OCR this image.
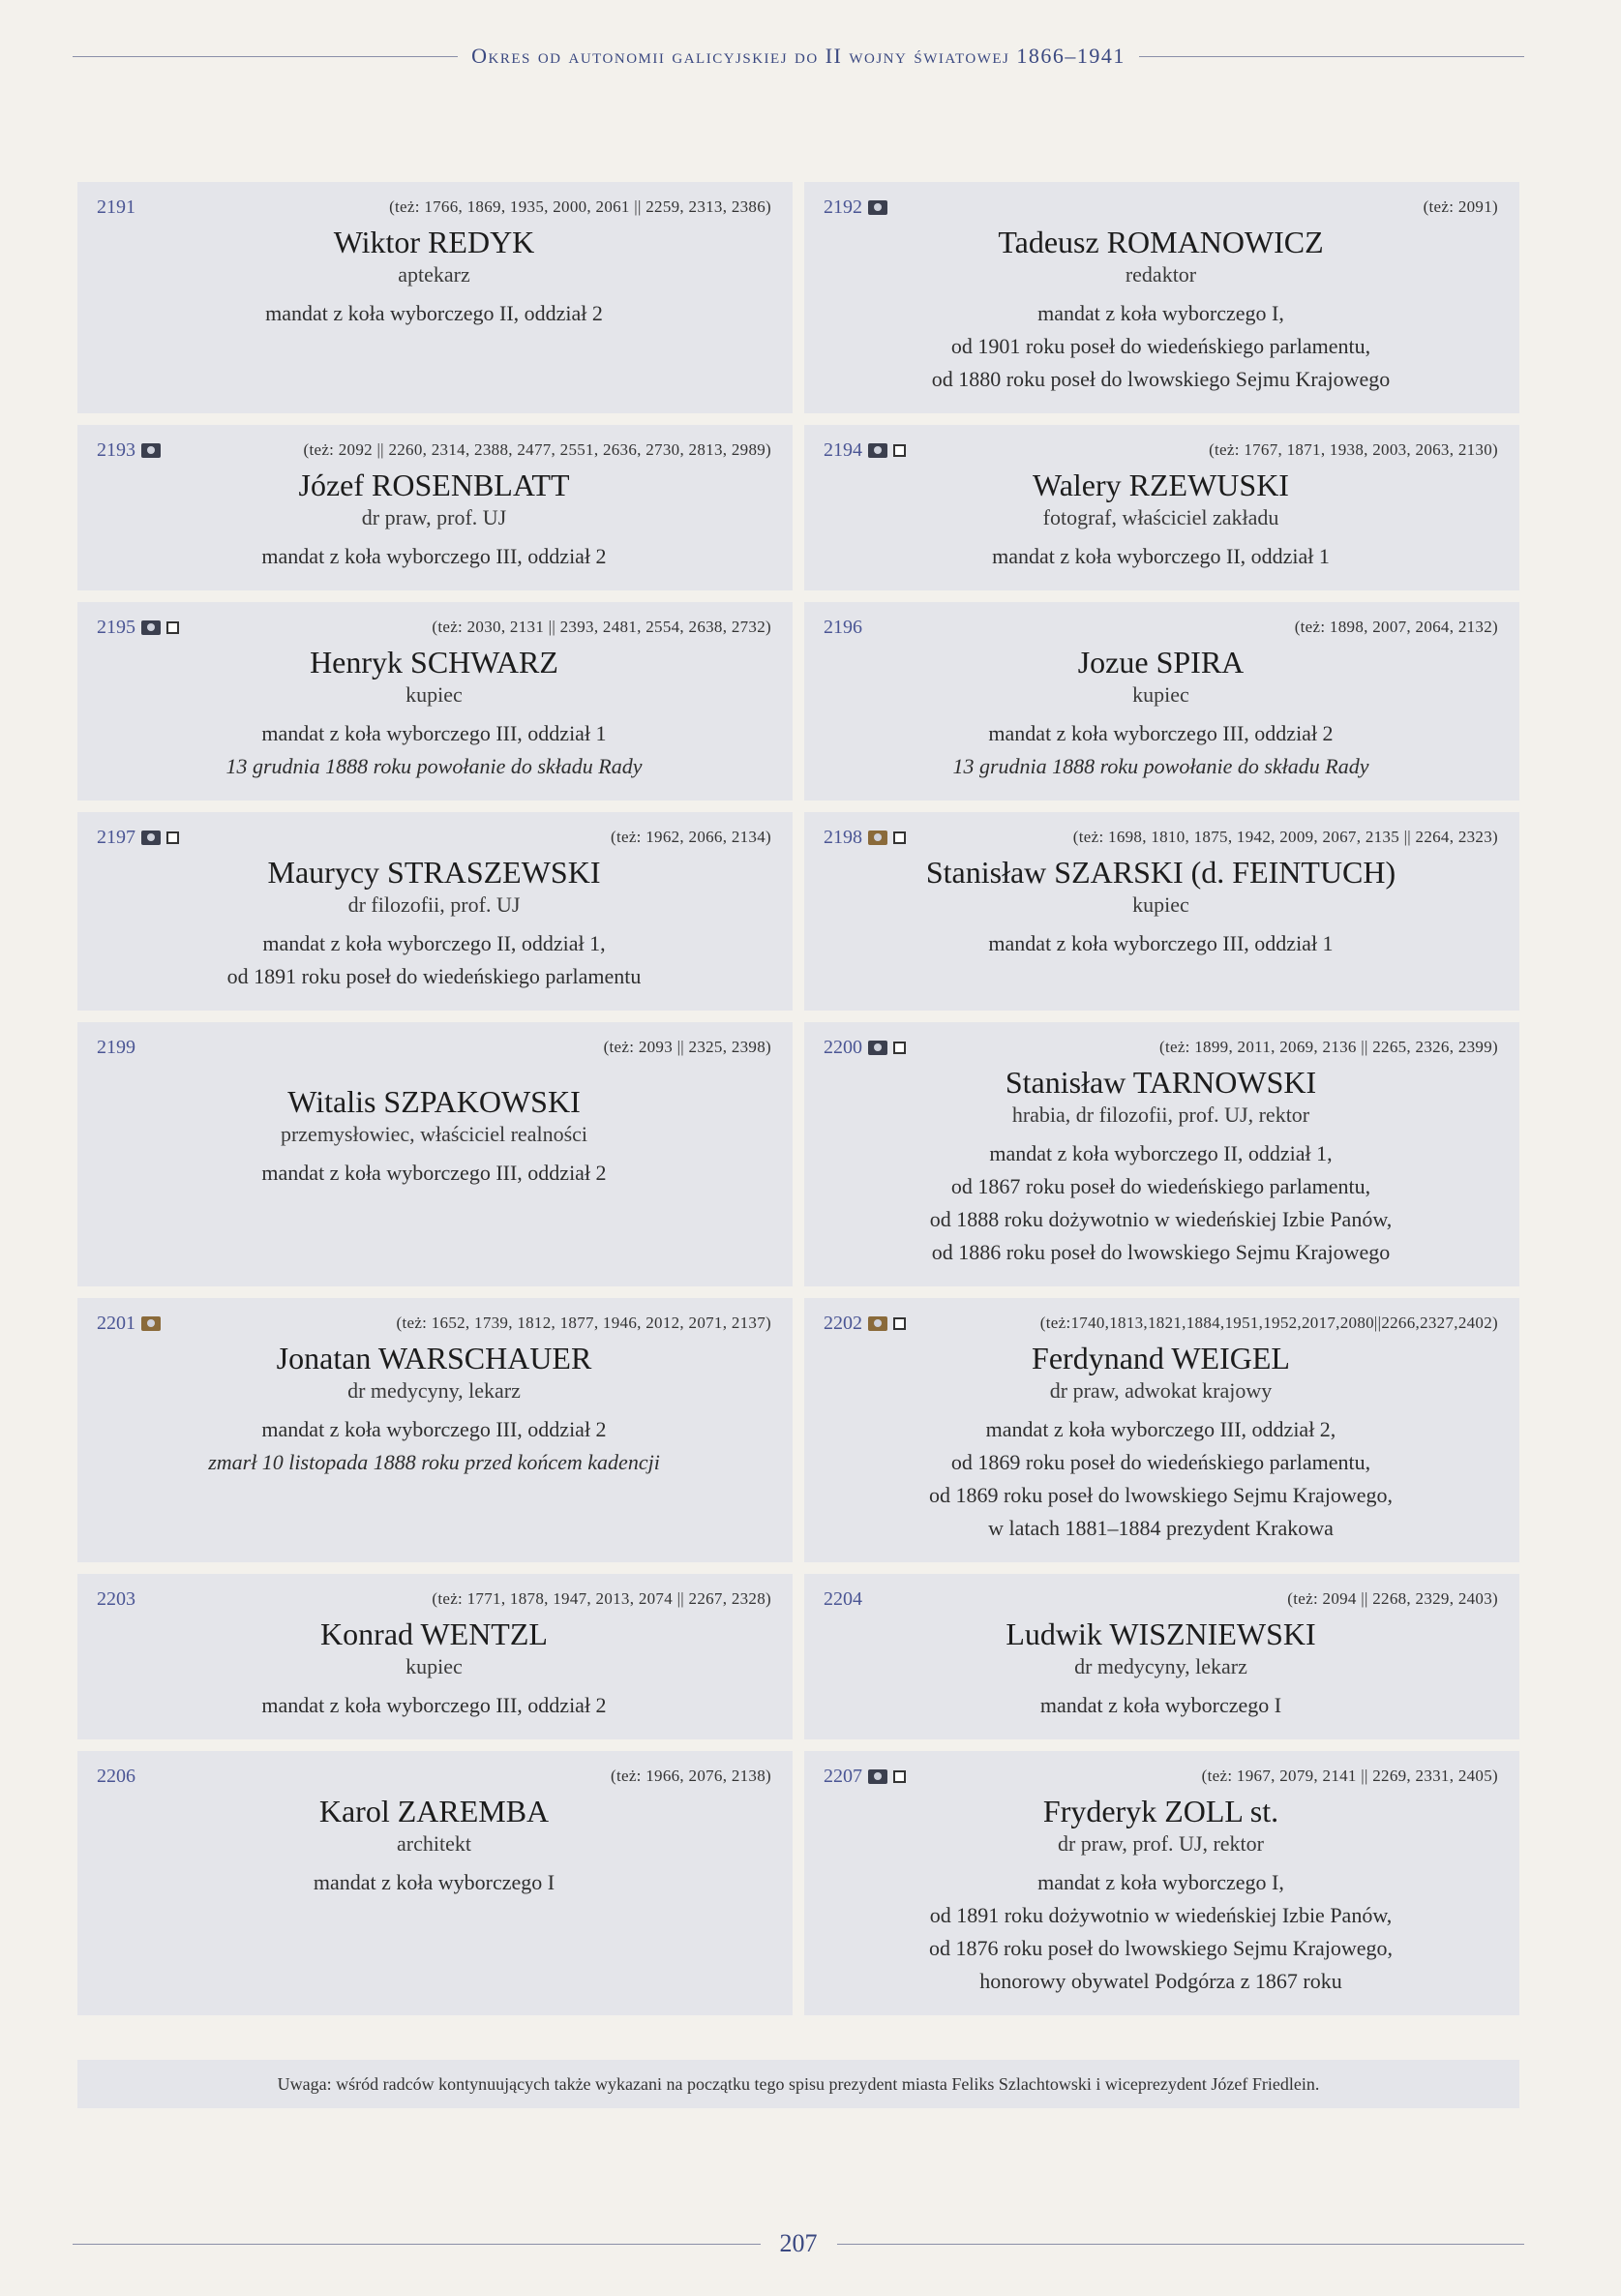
Okres od autonomii galicyjskiej do II wojny światowej 1866–1941
2191	(też: 1766, 1869, 1935, 2000, 2061 || 2259, 2313, 2386)
Wiktor REDYK
aptekarz
mandat z koła wyborczego II, oddział 2
2192	(też: 2091)
Tadeusz ROMANOWICZ
redaktor
mandat z koła wyborczego I,
od 1901 roku poseł do wiedeńskiego parlamentu,
od 1880 roku poseł do lwowskiego Sejmu Krajowego
2193	(też: 2092 || 2260, 2314, 2388, 2477, 2551, 2636, 2730, 2813, 2989)
Józef ROSENBLATT
dr praw, prof. UJ
mandat z koła wyborczego III, oddział 2
2194	(też: 1767, 1871, 1938, 2003, 2063, 2130)
Walery RZEWUSKI
fotograf, właściciel zakładu
mandat z koła wyborczego II, oddział 1
2195	(też: 2030, 2131 || 2393, 2481, 2554, 2638, 2732)
Henryk SCHWARZ
kupiec
mandat z koła wyborczego III, oddział 1
13 grudnia 1888 roku powołanie do składu Rady
2196	(też: 1898, 2007, 2064, 2132)
Jozue SPIRA
kupiec
mandat z koła wyborczego III, oddział 2
13 grudnia 1888 roku powołanie do składu Rady
2197	(też: 1962, 2066, 2134)
Maurycy STRASZEWSKI
dr filozofii, prof. UJ
mandat z koła wyborczego II, oddział 1,
od 1891 roku poseł do wiedeńskiego parlamentu
2198	(też: 1698, 1810, 1875, 1942, 2009, 2067, 2135 || 2264, 2323)
Stanisław SZARSKI (d. FEINTUCH)
kupiec
mandat z koła wyborczego III, oddział 1
2199	(też: 2093 || 2325, 2398)
Witalis SZPAKOWSKI
przemysłowiec, właściciel realności
mandat z koła wyborczego III, oddział 2
2200	(też: 1899, 2011, 2069, 2136 || 2265, 2326, 2399)
Stanisław TARNOWSKI
hrabia, dr filozofii, prof. UJ, rektor
mandat z koła wyborczego II, oddział 1,
od 1867 roku poseł do wiedeńskiego parlamentu,
od 1888 roku dożywotnio w wiedeńskiej Izbie Panów,
od 1886 roku poseł do lwowskiego Sejmu Krajowego
2201	(też: 1652, 1739, 1812, 1877, 1946, 2012, 2071, 2137)
Jonatan WARSCHAUER
dr medycyny, lekarz
mandat z koła wyborczego III, oddział 2
zmarł 10 listopada 1888 roku przed końcem kadencji
2202	(też:1740,1813,1821,1884,1951,1952,2017,2080||2266,2327,2402)
Ferdynand WEIGEL
dr praw, adwokat krajowy
mandat z koła wyborczego III, oddział 2,
od 1869 roku poseł do wiedeńskiego parlamentu,
od 1869 roku poseł do lwowskiego Sejmu Krajowego,
w latach 1881–1884 prezydent Krakowa
2203	(też: 1771, 1878, 1947, 2013, 2074 || 2267, 2328)
Konrad WENTZL
kupiec
mandat z koła wyborczego III, oddział 2
2204	(też: 2094 || 2268, 2329, 2403)
Ludwik WISZNIEWSKI
dr medycyny, lekarz
mandat z koła wyborczego I
2206	(też: 1966, 2076, 2138)
Karol ZAREMBA
architekt
mandat z koła wyborczego I
2207	(też: 1967, 2079, 2141 || 2269, 2331, 2405)
Fryderyk ZOLL st.
dr praw, prof. UJ, rektor
mandat z koła wyborczego I,
od 1891 roku dożywotnio w wiedeńskiej Izbie Panów,
od 1876 roku poseł do lwowskiego Sejmu Krajowego,
honorowy obywatel Podgórza z 1867 roku
Uwaga: wśród radców kontynuujących także wykazani na początku tego spisu prezydent miasta Feliks Szlachtowski i wiceprezydent Józef Friedlein.
207
